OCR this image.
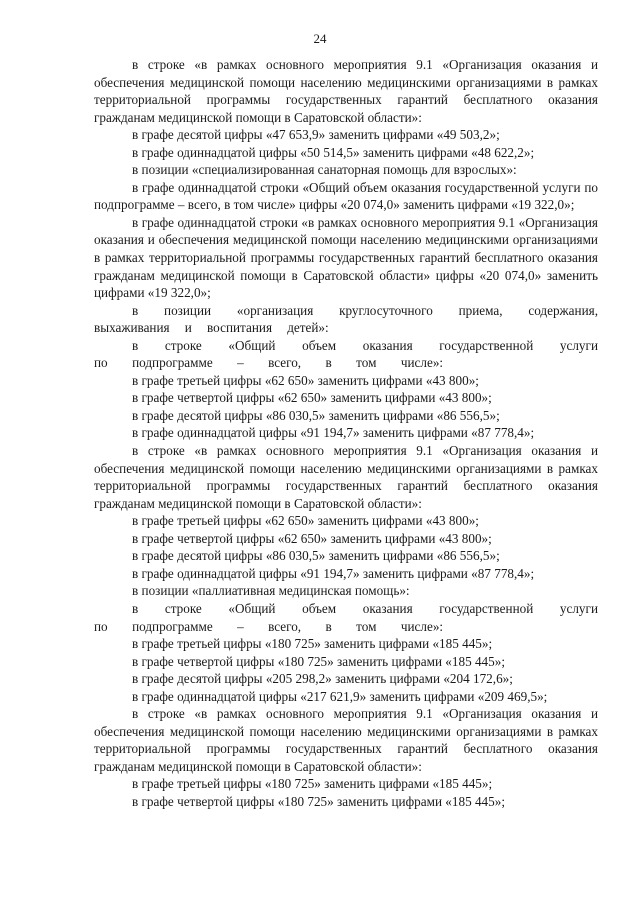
24

в строке «в рамках основного мероприятия 9.1 «Организация оказания и обеспечения медицинской помощи населению медицинскими организациями в рамках территориальной программы государственных гарантий бесплатного оказания гражданам медицинской помощи в Саратовской области»:

в графе десятой цифры «47 653,9» заменить цифрами «49 503,2»;

в графе одиннадцатой цифры «50 514,5» заменить цифрами «48 622,2»;

в позиции «специализированная санаторная помощь для взрослых»:

в графе одиннадцатой строки «Общий объем оказания государственной услуги по подпрограмме – всего, в том числе» цифры «20 074,0» заменить цифрами «19 322,0»;

в графе одиннадцатой строки «в рамках основного мероприятия 9.1 «Организация оказания и обеспечения медицинской помощи населению медицинскими организациями в рамках территориальной программы государственных гарантий бесплатного оказания гражданам медицинской помощи в Саратовской области» цифры «20 074,0» заменить цифрами «19 322,0»;

в позиции «организация круглосуточного приема, содержания, выхаживания и воспитания детей»:

в строке «Общий объем оказания государственной услуги по подпрограмме – всего, в том числе»:

в графе третьей цифры «62 650» заменить цифрами «43 800»;

в графе четвертой цифры «62 650» заменить цифрами «43 800»;

в графе десятой цифры «86 030,5» заменить цифрами «86 556,5»;

в графе одиннадцатой цифры «91 194,7» заменить цифрами «87 778,4»;

в строке «в рамках основного мероприятия 9.1 «Организация оказания и обеспечения медицинской помощи населению медицинскими организациями в рамках территориальной программы государственных гарантий бесплатного оказания гражданам медицинской помощи в Саратовской области»:

в графе третьей цифры «62 650» заменить цифрами «43 800»;

в графе четвертой цифры «62 650» заменить цифрами «43 800»;

в графе десятой цифры «86 030,5» заменить цифрами «86 556,5»;

в графе одиннадцатой цифры «91 194,7» заменить цифрами «87 778,4»;

в позиции «паллиативная медицинская помощь»:

в строке «Общий объем оказания государственной услуги по подпрограмме – всего, в том числе»:

в графе третьей цифры «180 725» заменить цифрами «185 445»;

в графе четвертой цифры «180 725» заменить цифрами «185 445»;

в графе десятой цифры «205 298,2» заменить цифрами «204 172,6»;

в графе одиннадцатой цифры «217 621,9» заменить цифрами «209 469,5»;

в строке «в рамках основного мероприятия 9.1 «Организация оказания и обеспечения медицинской помощи населению медицинскими организациями в рамках территориальной программы государственных гарантий бесплатного оказания гражданам медицинской помощи в Саратовской области»:

в графе третьей цифры «180 725» заменить цифрами «185 445»;

в графе четвертой цифры «180 725» заменить цифрами «185 445»;
